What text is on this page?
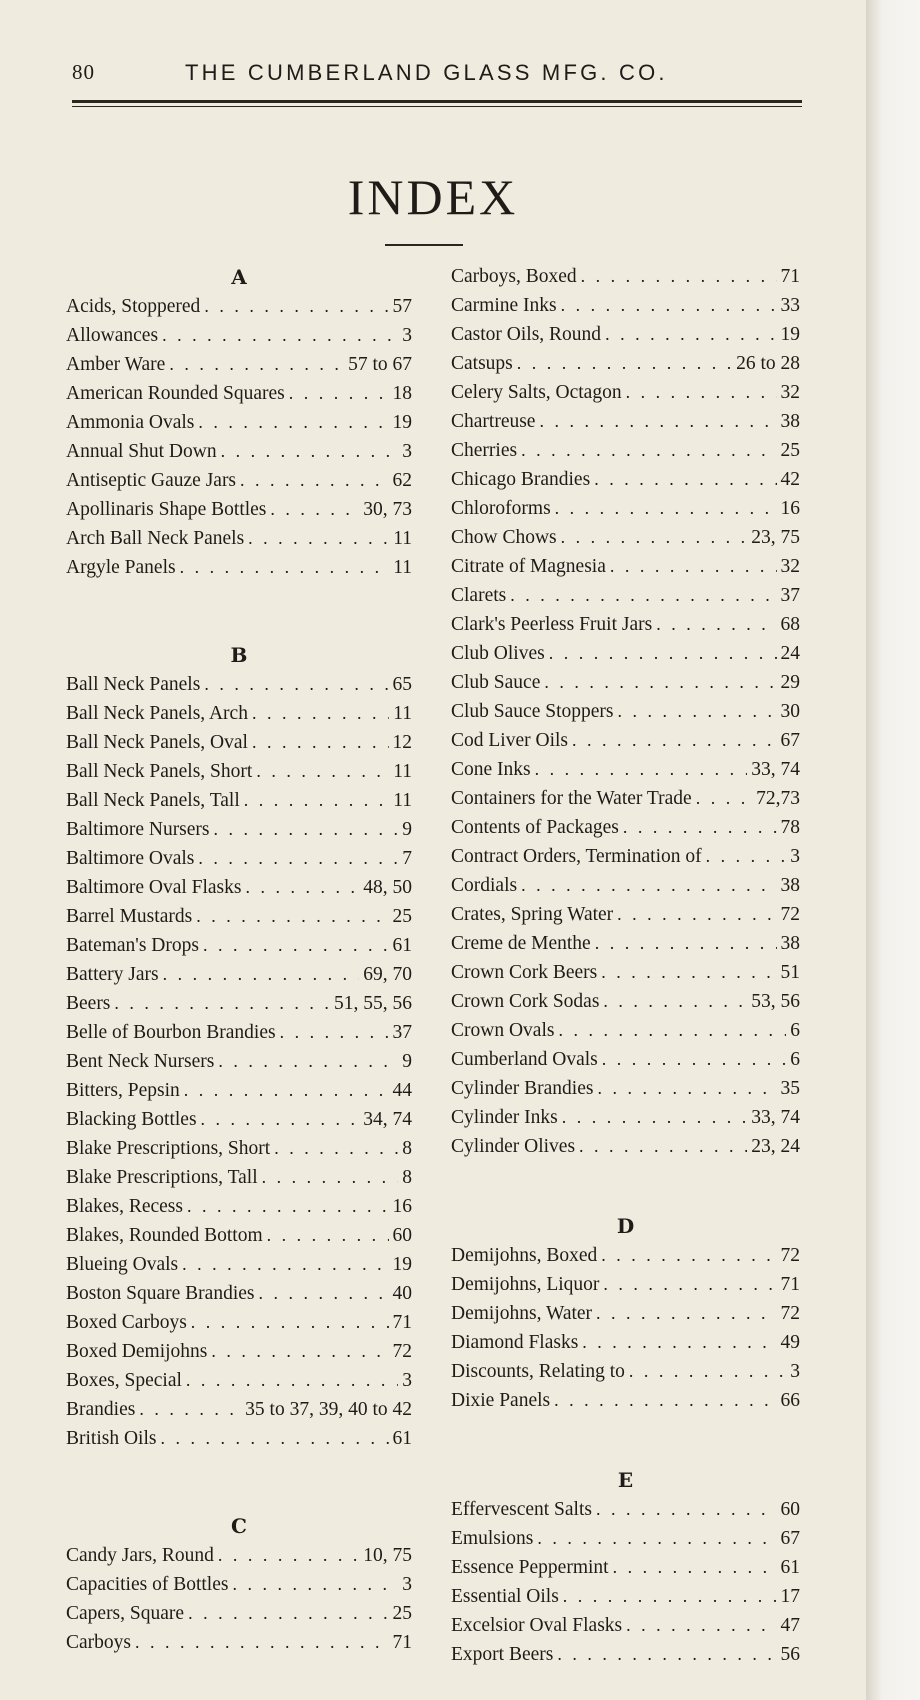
80	THE CUMBERLAND GLASS MFG. CO.
INDEX
A
Acids, Stoppered . . .	57
Allowances . . .	3
Amber Ware . . .	57 to 67
American Rounded Squares . . .	18
Ammonia Ovals . . .	19
Annual Shut Down . . .	3
Antiseptic Gauze Jars . . .	62
Apollinaris Shape Bottles . . .	30, 73
Arch Ball Neck Panels . . .	11
Argyle Panels . . .	11
B
Ball Neck Panels . . .	65
Ball Neck Panels, Arch . . .	11
Ball Neck Panels, Oval . . .	12
Ball Neck Panels, Short . . .	11
Ball Neck Panels, Tall . . .	11
Baltimore Nursers . . .	9
Baltimore Ovals . . .	7
Baltimore Oval Flasks . . .	48, 50
Barrel Mustards . . .	25
Bateman's Drops . . .	61
Battery Jars . . .	69, 70
Beers . . .	51, 55, 56
Belle of Bourbon Brandies . . .	37
Bent Neck Nursers . . .	9
Bitters, Pepsin . . .	44
Blacking Bottles . . .	34, 74
Blake Prescriptions, Short . . .	8
Blake Prescriptions, Tall . . .	8
Blakes, Recess . . .	16
Blakes, Rounded Bottom . . .	60
Blueing Ovals . . .	19
Boston Square Brandies . . .	40
Boxed Carboys . . .	71
Boxed Demijohns . . .	72
Boxes, Special . . .	3
Brandies . . .	35 to 37, 39, 40 to 42
British Oils . . .	61
C
Candy Jars, Round . . .	10, 75
Capacities of Bottles . . .	3
Capers, Square . . .	25
Carboys . . .	71
Carboys, Boxed . . .	71
Carmine Inks . . .	33
Castor Oils, Round . . .	19
Catsups . . .	26 to 28
Celery Salts, Octagon . . .	32
Chartreuse . . .	38
Cherries . . .	25
Chicago Brandies . . .	42
Chloroforms . . .	16
Chow Chows . . .	23, 75
Citrate of Magnesia . . .	32
Clarets . . .	37
Clark's Peerless Fruit Jars . . .	68
Club Olives . . .	24
Club Sauce . . .	29
Club Sauce Stoppers . . .	30
Cod Liver Oils . . .	67
Cone Inks . . .	33, 74
Containers for the Water Trade . . .	72,73
Contents of Packages . . .	78
Contract Orders, Termination of . . .	3
Cordials . . .	38
Crates, Spring Water . . .	72
Creme de Menthe . . .	38
Crown Cork Beers . . .	51
Crown Cork Sodas . . .	53, 56
Crown Ovals . . .	6
Cumberland Ovals . . .	6
Cylinder Brandies . . .	35
Cylinder Inks . . .	33, 74
Cylinder Olives . . .	23, 24
D
Demijohns, Boxed . . .	72
Demijohns, Liquor . . .	71
Demijohns, Water . . .	72
Diamond Flasks . . .	49
Discounts, Relating to . . .	3
Dixie Panels . . .	66
E
Effervescent Salts . . .	60
Emulsions . . .	67
Essence Peppermint . . .	61
Essential Oils . . .	17
Excelsior Oval Flasks . . .	47
Export Beers . . .	56
